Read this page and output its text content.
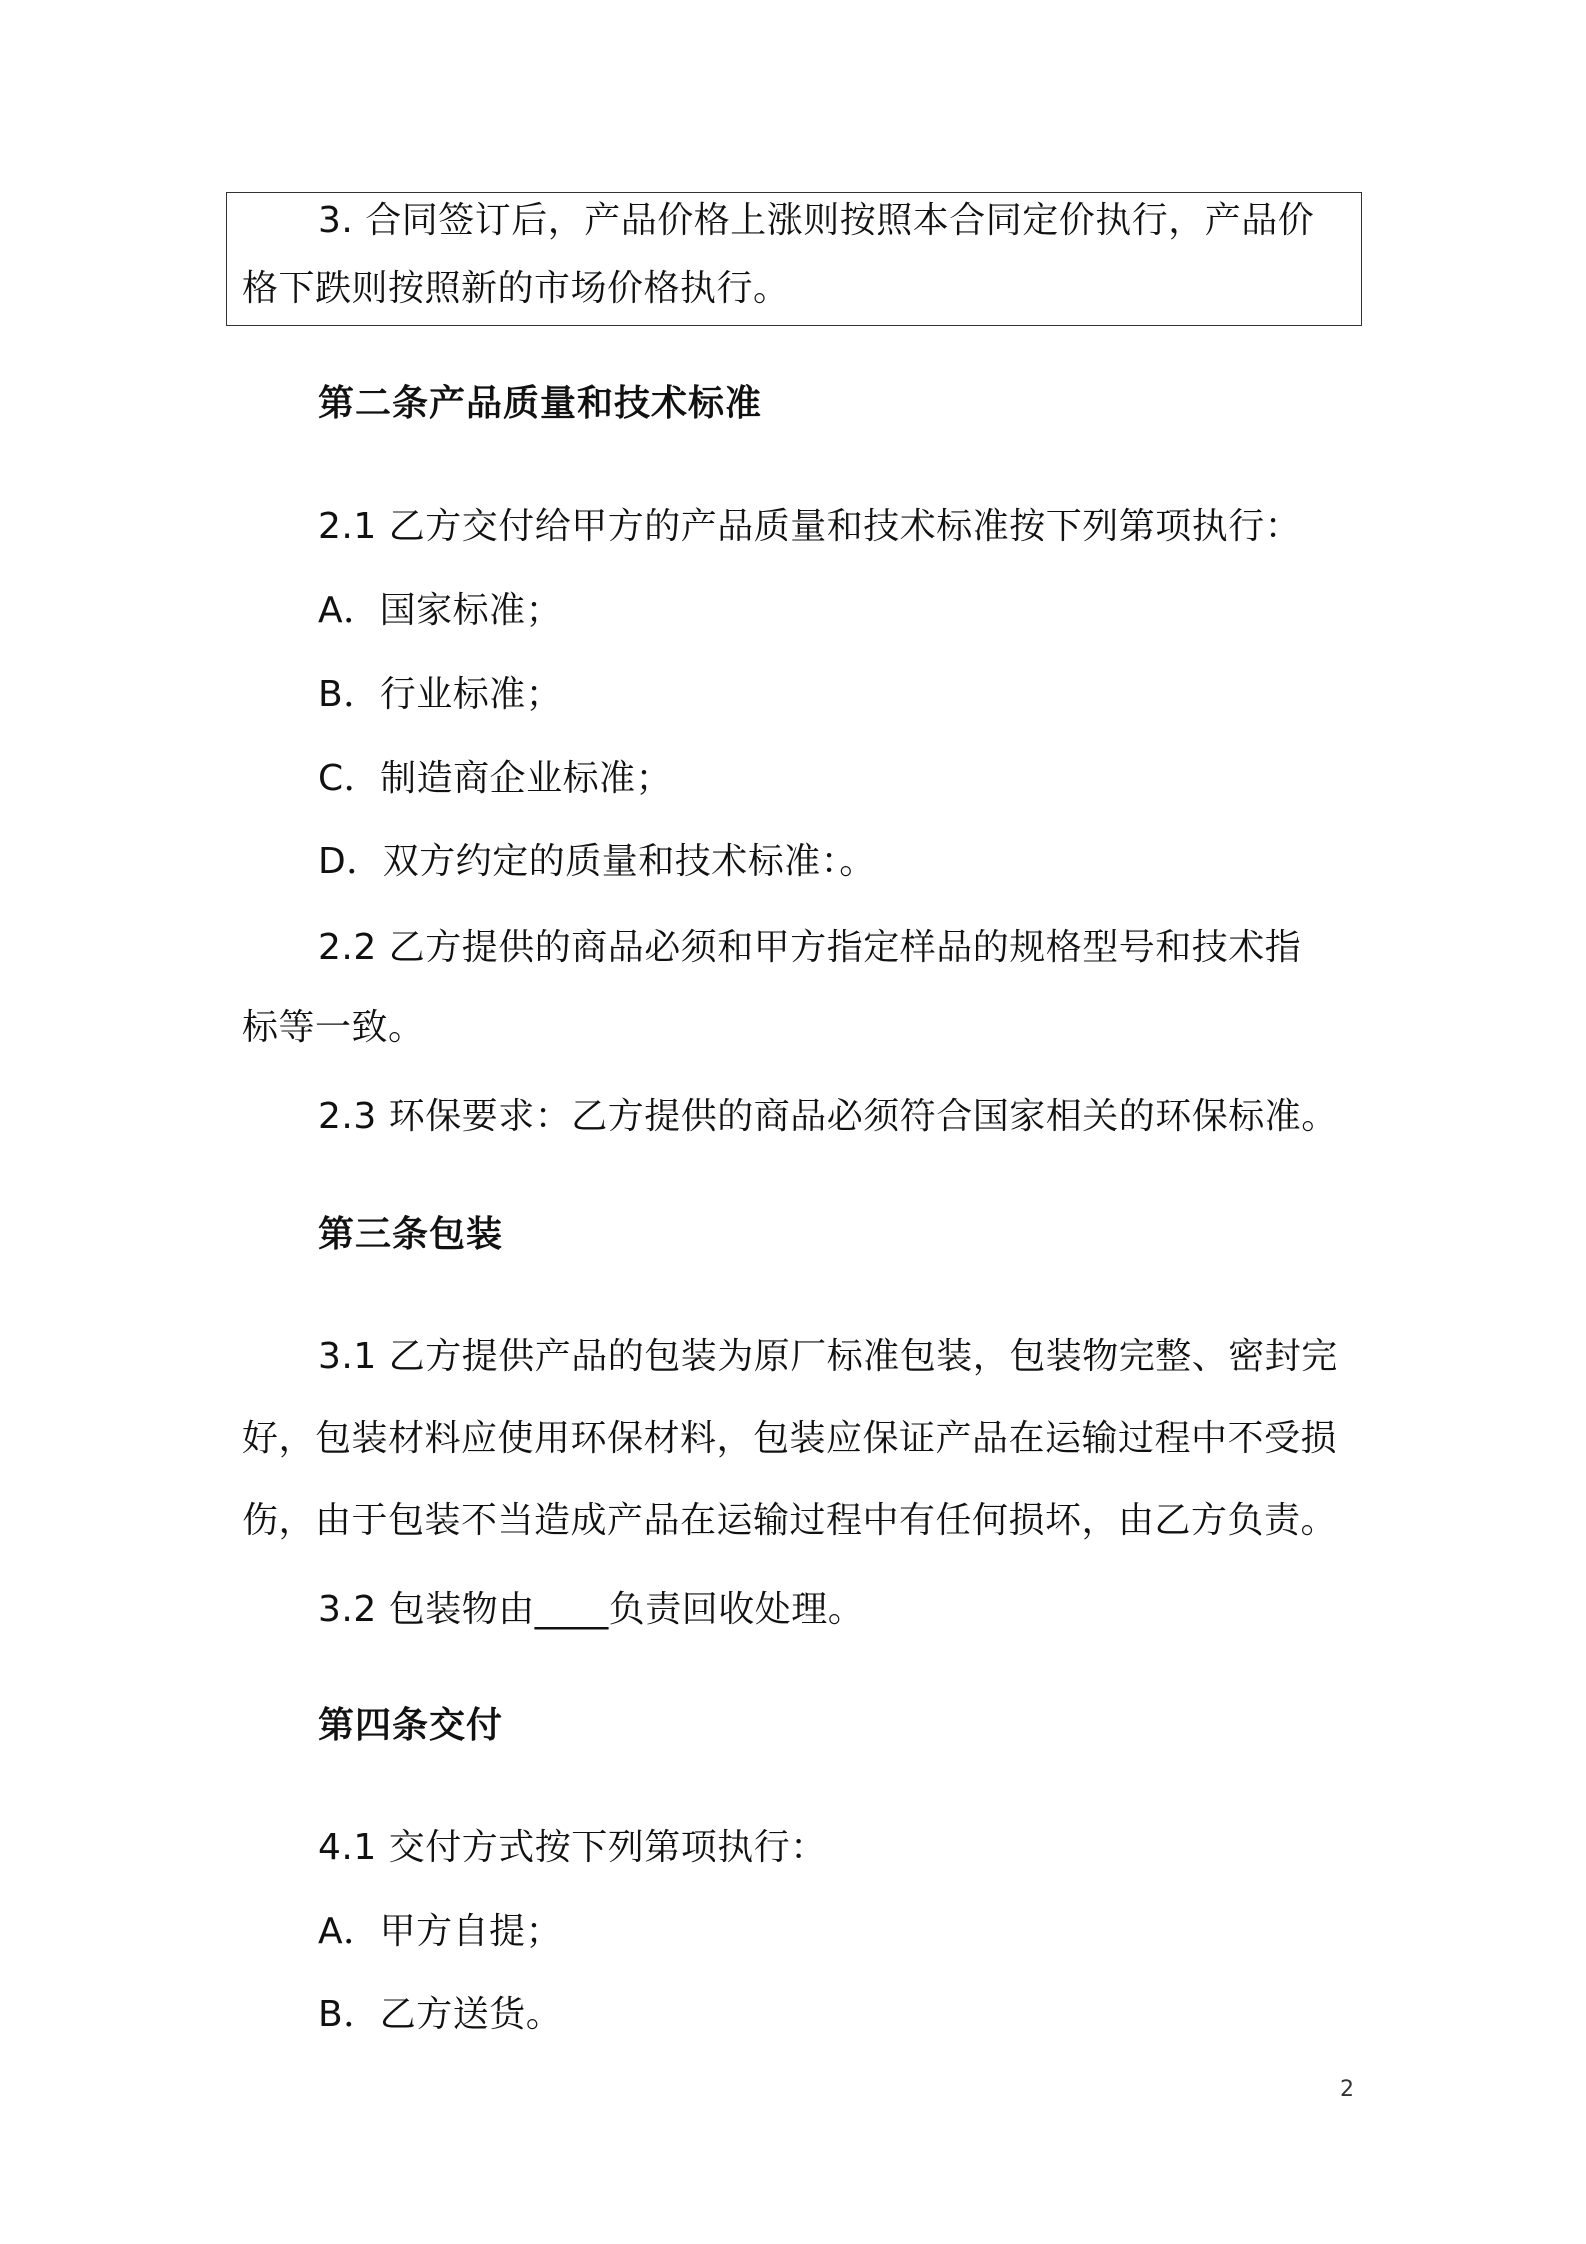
3. 合同签订后，产品价格上涨则按照本合同定价执行，产品价
格下跌则按照新的市场价格执行。
第二条产品质量和技术标准
2.1 乙方交付给甲方的产品质量和技术标准按下列第项执行：
A．国家标准；
B．行业标准；
C．制造商企业标准；
D．双方约定的质量和技术标准：。
2.2 乙方提供的商品必须和甲方指定样品的规格型号和技术指
标等一致。
2.3 环保要求：乙方提供的商品必须符合国家相关的环保标准。
第三条包装
3.1 乙方提供产品的包装为原厂标准包装，包装物完整、密封完
好，包装材料应使用环保材料，包装应保证产品在运输过程中不受损
伤，由于包装不当造成产品在运输过程中有任何损坏，由乙方负责。
3.2 包装物由____负责回收处理。
第四条交付
4.1 交付方式按下列第项执行：
A．甲方自提；
B．乙方送货。
2
